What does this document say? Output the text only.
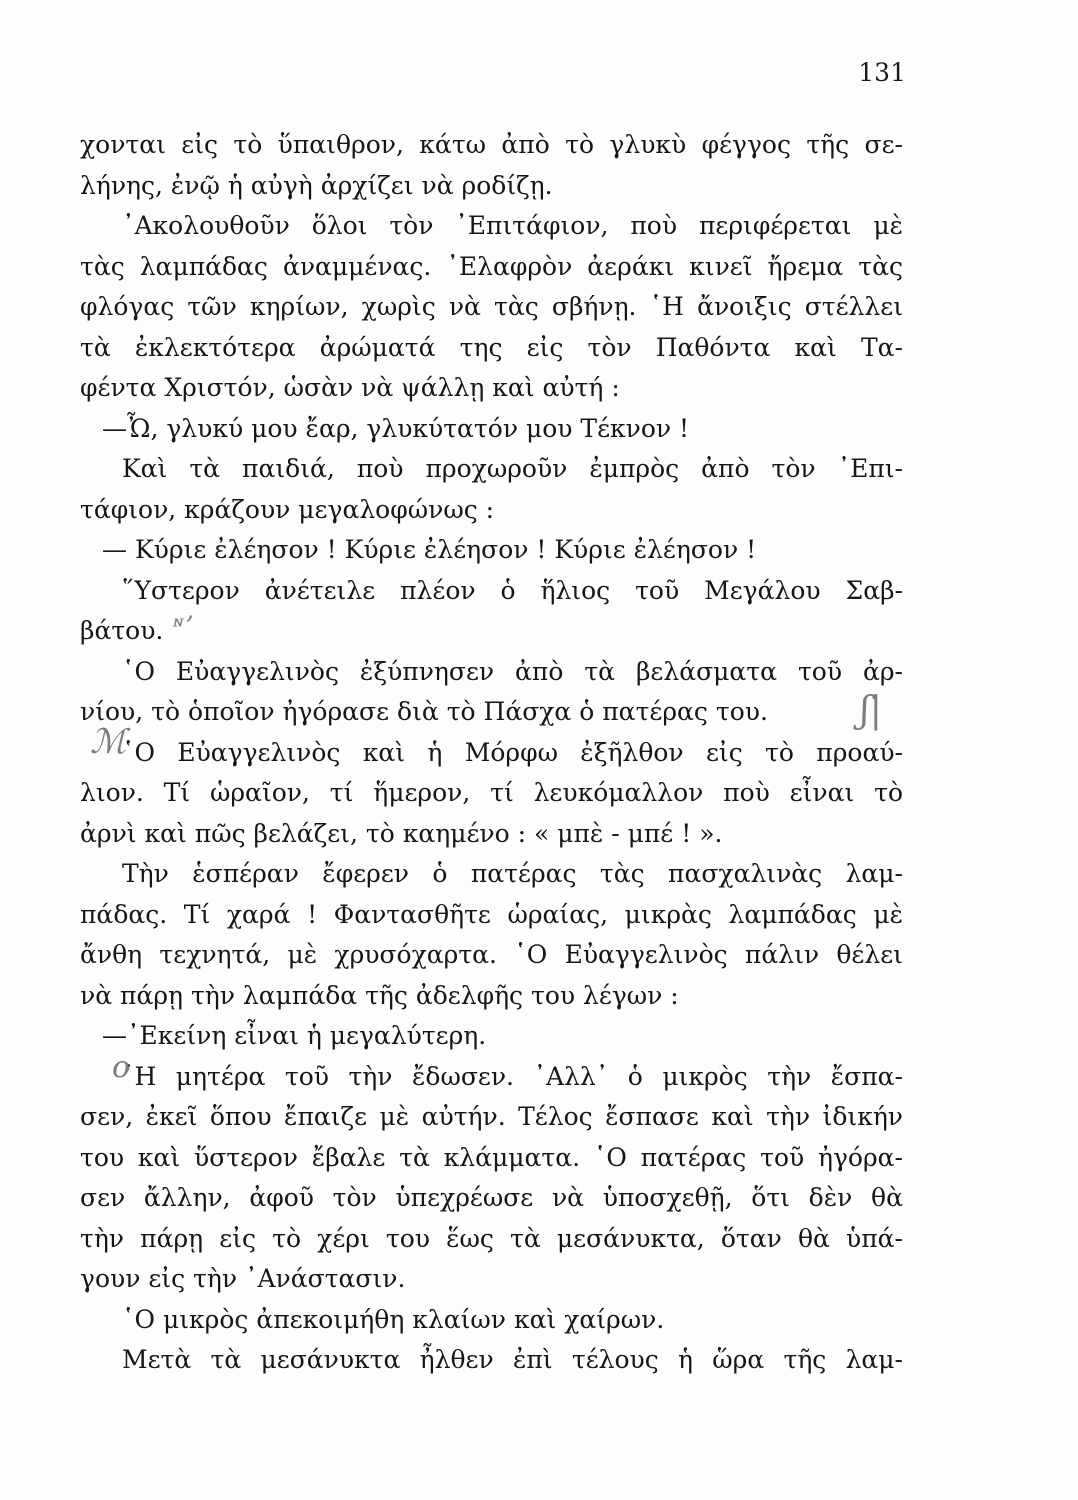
131
χονται εἰς τὸ ὕπαιθρον, κάτω ἀπὸ τὸ γλυκὺ φέγγος τῆς σε-
λήνης, ἐνῷ ἡ αὐγὴ ἀρχίζει νὰ ροδίζῃ.
᾿Ακολουθοῦν ὅλοι τὸν ᾿Επιτάφιον, ποὺ περιφέρεται μὲ
τὰς λαμπάδας ἀναμμένας. ᾿Ελαφρὸν ἀεράκι κινεῖ ἤρεμα τὰς
φλόγας τῶν κηρίων, χωρὶς νὰ τὰς σβήνῃ. ῾Η ἄνοιξις στέλλει
τὰ ἐκλεκτότερα ἀρώματά της εἰς τὸν Παθόντα καὶ Τα-
φέντα Χριστόν, ὡσὰν νὰ ψάλλῃ καὶ αὐτή :
—Ὦ, γλυκύ μου ἔαρ, γλυκύτατόν μου Τέκνον !
Καὶ τὰ παιδιά, ποὺ προχωροῦν ἐμπρὸς ἀπὸ τὸν ᾿Επι-
τάφιον, κράζουν μεγαλοφώνως :
— Κύριε ἐλέησον ! Κύριε ἐλέησον ! Κύριε ἐλέησον !
῞Υστερον ἀνέτειλε πλέον ὁ ἥλιος τοῦ Μεγάλου Σαβ-
βάτου.
῾Ο Εὐαγγελινὸς ἐξύπνησεν ἀπὸ τὰ βελάσματα τοῦ ἀρ-
νίου, τὸ ὁποῖον ἠγόρασε διὰ τὸ Πάσχα ὁ πατέρας του.
῾Ο Εὐαγγελινὸς καὶ ἡ Μόρφω ἐξῆλθον εἰς τὸ προαύ-
λιον. Τί ὡραῖον, τί ἥμερον, τί λευκόμαλλον ποὺ εἶναι τὸ
ἀρνὶ καὶ πῶς βελάζει, τὸ καημένο : « μπὲ - μπέ ! ».
Τὴν ἑσπέραν ἔφερεν ὁ πατέρας τὰς πασχαλινὰς λαμ-
πάδας. Τί χαρά ! Φαντασθῆτε ὡραίας, μικρὰς λαμπάδας μὲ
ἄνθη τεχνητά, μὲ χρυσόχαρτα. ῾Ο Εὐαγγελινὸς πάλιν θέλει
νὰ πάρῃ τὴν λαμπάδα τῆς ἀδελφῆς του λέγων :
—᾿Εκείνη εἶναι ἡ μεγαλύτερη.
῾Η μητέρα τοῦ τὴν ἔδωσεν. ᾿Αλλ᾿ ὁ μικρὸς τὴν ἔσπα-
σεν, ἐκεῖ ὅπου ἔπαιζε μὲ αὐτήν. Τέλος ἔσπασε καὶ τὴν ἰδικήν
του καὶ ὕστερον ἔβαλε τὰ κλάμματα. ῾Ο πατέρας τοῦ ἠγόρα-
σεν ἄλλην, ἀφοῦ τὸν ὑπεχρέωσε νὰ ὑποσχεθῇ, ὅτι δὲν θὰ
τὴν πάρῃ εἰς τὸ χέρι του ἕως τὰ μεσάνυκτα, ὅταν θὰ ὑπά-
γουν εἰς τὴν ᾿Ανάστασιν.
῾Ο μικρὸς ἀπεκοιμήθη κλαίων καὶ χαίρων.
Μετὰ τὰ μεσάνυκτα ἦλθεν ἐπὶ τέλους ἡ ὥρα τῆς λαμ-
ᶰʼ
ʃ|
ℳ
o
